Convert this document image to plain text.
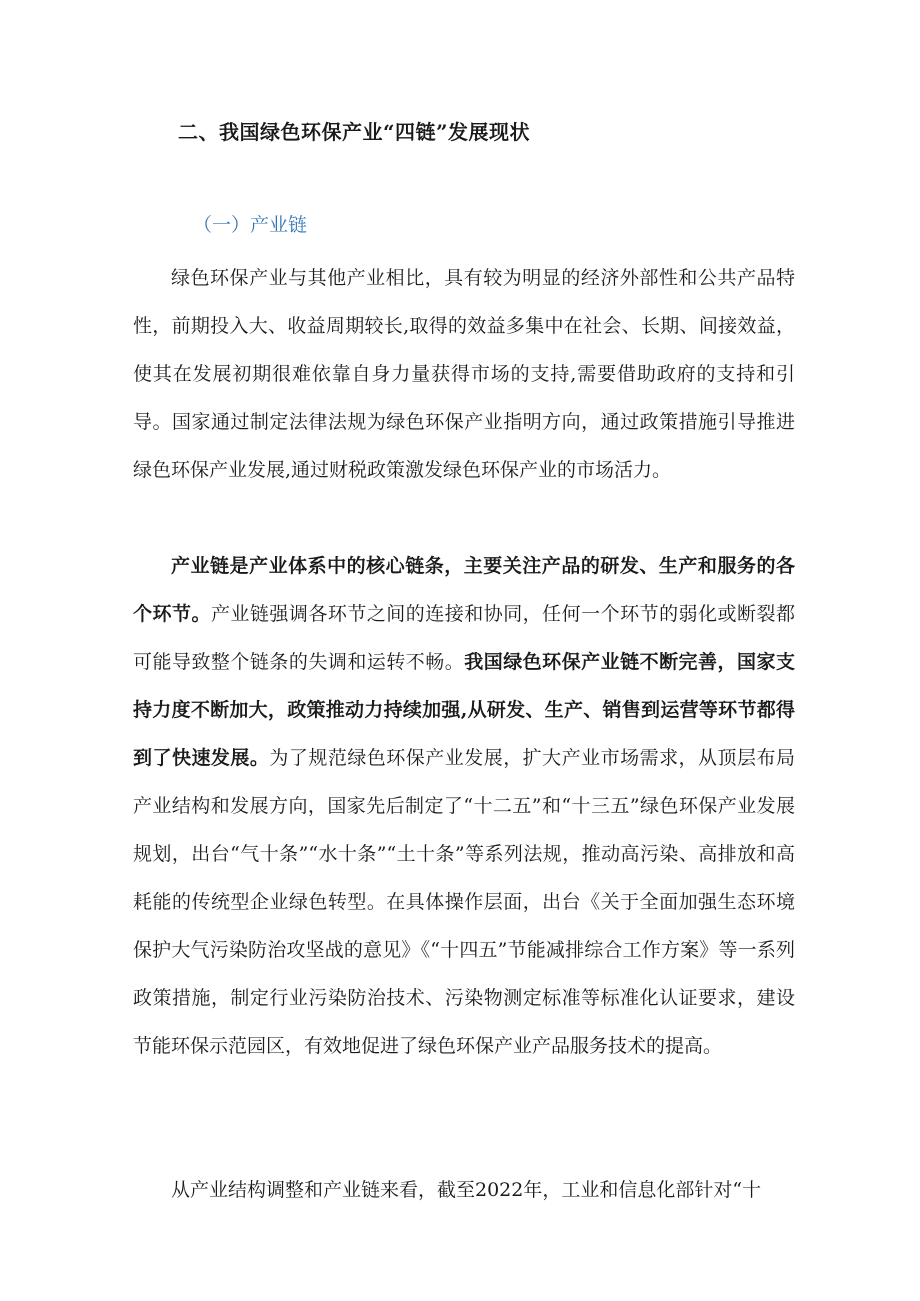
二、我国绿色环保产业“四链”发展现状
（一）产业链

绿色环保产业与其他产业相比，具有较为明显的经济外部性和公共产品特性，前期投入大、收益周期较长,取得的效益多集中在社会、长期、间接效益，使其在发展初期很难依靠自身力量获得市场的支持,需要借助政府的支持和引导。国家通过制定法律法规为绿色环保产业指明方向，通过政策措施引导推进绿色环保产业发展,通过财税政策激发绿色环保产业的市场活力。

产业链是产业体系中的核心链条，主要关注产品的研发、生产和服务的各个环节。产业链强调各环节之间的连接和协同，任何一个环节的弱化或断裂都可能导致整个链条的失调和运转不畅。我国绿色环保产业链不断完善，国家支持力度不断加大，政策推动力持续加强,从研发、生产、销售到运营等环节都得到了快速发展。为了规范绿色环保产业发展，扩大产业市场需求，从顶层布局产业结构和发展方向，国家先后制定了“十二五”和“十三五”绿色环保产业发展规划，出台“气十条”“水十条”“土十条”等系列法规，推动高污染、高排放和高耗能的传统型企业绿色转型。在具体操作层面，出台《关于全面加强生态环境保护大气污染防治攻坚战的意见》《“十四五”节能减排综合工作方案》等一系列政策措施，制定行业污染防治技术、污染物测定标准等标准化认证要求，建设节能环保示范园区，有效地促进了绿色环保产业产品服务技术的提高。

从产业结构调整和产业链来看，截至2022年，工业和信息化部针对“十
